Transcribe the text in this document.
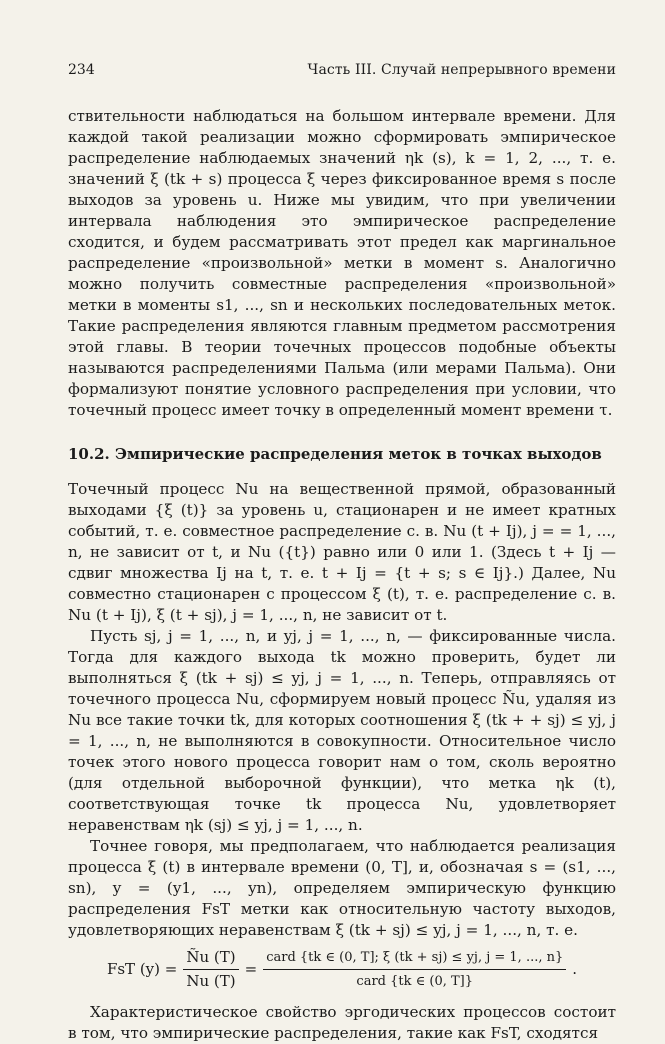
234	Часть III. Случай непрерывного времени

ствительности наблюдаться на большом интервале времени. Для каждой такой реализации можно сформировать эмпирическое распределение наблюдаемых значений ηk (s), k = 1, 2, ..., т. е. значений ξ (tk + s) процесса ξ через фиксированное время s после выходов за уровень u. Ниже мы увидим, что при увеличении интервала наблюдения это эмпирическое распределение сходится, и будем рассматривать этот предел как маргинальное распределение «произвольной» метки в момент s. Аналогично можно получить совместные распределения «произвольной» метки в моменты s1, ..., sn и нескольких последовательных меток. Такие распределения являются главным предметом рассмотрения этой главы. В теории точечных процессов подобные объекты называются распределениями Пальма (или мерами Пальма). Они формализуют понятие условного распределения при условии, что точечный процесс имеет точку в определенный момент времени τ.

10.2. Эмпирические распределения меток в точках выходов

Точечный процесс Nu на вещественной прямой, образованный выходами {ξ (t)} за уровень u, стационарен и не имеет кратных событий, т. е. совместное распределение с. в. Nu (t + Ij), j = = 1, ..., n, не зависит от t, и Nu ({t}) равно или 0 или 1. (Здесь t + Ij — сдвиг множества Ij на t, т. е. t + Ij = {t + s; s ∈ Ij}.) Далее, Nu совместно стационарен с процессом ξ (t), т. е. распределение с. в. Nu (t + Ij), ξ (t + sj), j = 1, ..., n, не зависит от t.

Пусть sj, j = 1, ..., n, и yj, j = 1, ..., n, — фиксированные числа. Тогда для каждого выхода tk можно проверить, будет ли выполняться ξ (tk + sj) ≤ yj, j = 1, ..., n. Теперь, отправляясь от точечного процесса Nu, сформируем новый процесс Ñu, удаляя из Nu все такие точки tk, для которых соотношения ξ (tk + + sj) ≤ yj, j = 1, ..., n, не выполняются в совокупности. Относительное число точек этого нового процесса говорит нам о том, сколь вероятно (для отдельной выборочной функции), что метка ηk (t), соответствующая точке tk процесса Nu, удовлетворяет неравенствам ηk (sj) ≤ yj, j = 1, ..., n.

Точнее говоря, мы предполагаем, что наблюдается реализация процесса ξ (t) в интервале времени (0, T], и, обозначая s = (s1, ..., sn), y = (y1, ..., yn), определяем эмпирическую функцию распределения FsT метки как относительную частоту выходов, удовлетворяющих неравенствам ξ (tk + sj) ≤ yj, j = 1, ..., n, т. е.

FsT $(y) = \frac{Ñu (T)}{Nu (T)} = \frac{\text{card \{tk ∈ (0, T]; ξ (tk + sj) ≤ yj, j = 1, ..., n\}}}{\text{card \{tk ∈ (0, T]\}}}$ .

Характеристическое свойство эргодических процессов состоит в том, что эмпирические распределения, такие как FsT, сходятся
